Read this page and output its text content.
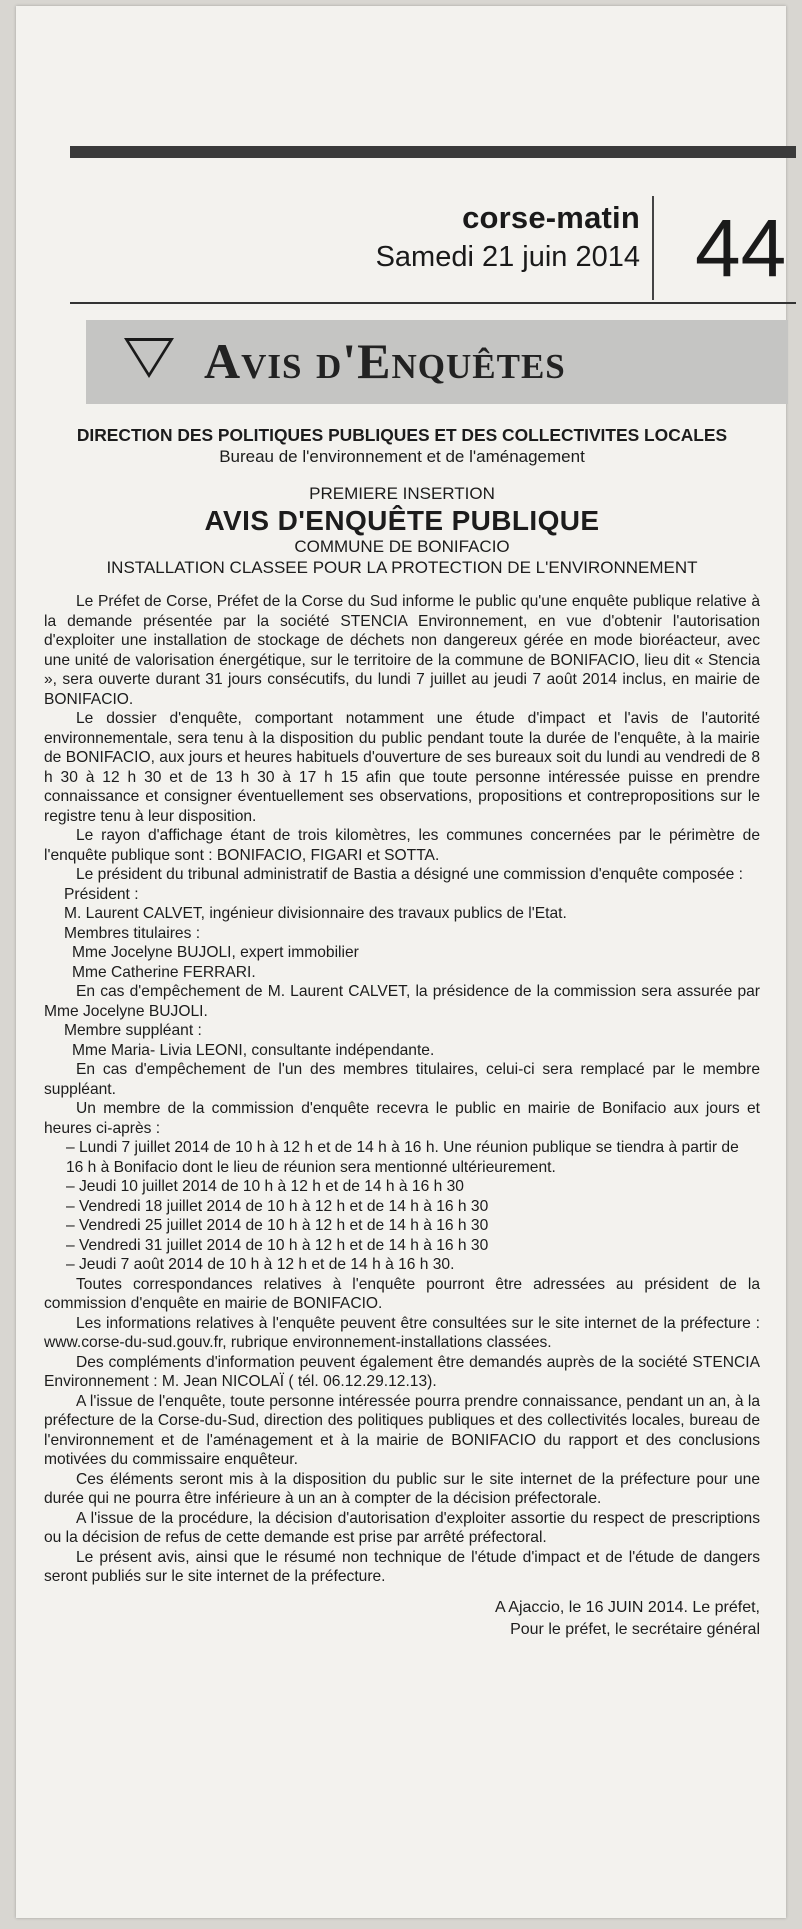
corse-matin
Samedi 21 juin 2014 44
Avis d'Enquêtes
DIRECTION DES POLITIQUES PUBLIQUES ET DES COLLECTIVITES LOCALES
Bureau de l'environnement et de l'aménagement
PREMIERE INSERTION
AVIS D'ENQUÊTE PUBLIQUE
COMMUNE DE BONIFACIO
INSTALLATION CLASSEE POUR LA PROTECTION DE L'ENVIRONNEMENT

Le Préfet de Corse, Préfet de la Corse du Sud informe le public qu'une enquête publique relative à la demande présentée par la société STENCIA Environnement, en vue d'obtenir l'autorisation d'exploiter une installation de stockage de déchets non dangereux gérée en mode bioréacteur, avec une unité de valorisation énergétique, sur le territoire de la commune de BONIFACIO, lieu dit « Stencia », sera ouverte durant 31 jours consécutifs, du lundi 7 juillet au jeudi 7 août 2014 inclus, en mairie de BONIFACIO.

Le dossier d'enquête, comportant notamment une étude d'impact et l'avis de l'autorité environnementale, sera tenu à la disposition du public pendant toute la durée de l'enquête, à la mairie de BONIFACIO, aux jours et heures habituels d'ouverture de ses bureaux soit du lundi au vendredi de 8 h 30 à 12 h 30 et de 13 h 30 à 17 h 15 afin que toute personne intéressée puisse en prendre connaissance et consigner éventuellement ses observations, propositions et contrepropositions sur le registre tenu à leur disposition.

Le rayon d'affichage étant de trois kilomètres, les communes concernées par le périmètre de l'enquête publique sont : BONIFACIO, FIGARI et SOTTA.

Le président du tribunal administratif de Bastia a désigné une commission d'enquête composée :

Président :
M. Laurent CALVET, ingénieur divisionnaire des travaux publics de l'Etat.
Membres titulaires :
Mme Jocelyne BUJOLI, expert immobilier
Mme Catherine FERRARI.

En cas d'empêchement de M. Laurent CALVET, la présidence de la commission sera assurée par Mme Jocelyne BUJOLI.

Membre suppléant :
Mme Maria- Livia LEONI, consultante indépendante.

En cas d'empêchement de l'un des membres titulaires, celui-ci sera remplacé par le membre suppléant.

Un membre de la commission d'enquête recevra le public en mairie de Bonifacio aux jours et heures ci-après :

– Lundi 7 juillet 2014 de 10 h à 12 h et de 14 h à 16 h. Une réunion publique se tiendra à partir de 16 h à Bonifacio dont le lieu de réunion sera mentionné ultérieurement.
– Jeudi 10 juillet 2014 de 10 h à 12 h et de 14 h à 16 h 30
– Vendredi 18 juillet 2014 de 10 h à 12 h et de 14 h à 16 h 30
– Vendredi 25 juillet 2014 de 10 h à 12 h et de 14 h à 16 h 30
– Vendredi 31 juillet 2014 de 10 h à 12 h et de 14 h à 16 h 30
– Jeudi 7 août 2014 de 10 h à 12 h et de 14 h à 16 h 30.

Toutes correspondances relatives à l'enquête pourront être adressées au président de la commission d'enquête en mairie de BONIFACIO.

Les informations relatives à l'enquête peuvent être consultées sur le site internet de la préfecture : www.corse-du-sud.gouv.fr, rubrique environnement-installations classées.

Des compléments d'information peuvent également être demandés auprès de la société STENCIA Environnement : M. Jean NICOLAÏ ( tél. 06.12.29.12.13).

A l'issue de l'enquête, toute personne intéressée pourra prendre connaissance, pendant un an, à la préfecture de la Corse-du-Sud, direction des politiques publiques et des collectivités locales, bureau de l'environnement et de l'aménagement et à la mairie de BONIFACIO du rapport et des conclusions motivées du commissaire enquêteur.

Ces éléments seront mis à la disposition du public sur le site internet de la préfecture pour une durée qui ne pourra être inférieure à un an à compter de la décision préfectorale.

A l'issue de la procédure, la décision d'autorisation d'exploiter assortie du respect de prescriptions ou la décision de refus de cette demande est prise par arrêté préfectoral.

Le présent avis, ainsi que le résumé non technique de l'étude d'impact et de l'étude de dangers seront publiés sur le site internet de la préfecture.

A Ajaccio, le 16 JUIN 2014. Le préfet,
Pour le préfet, le secrétaire général
